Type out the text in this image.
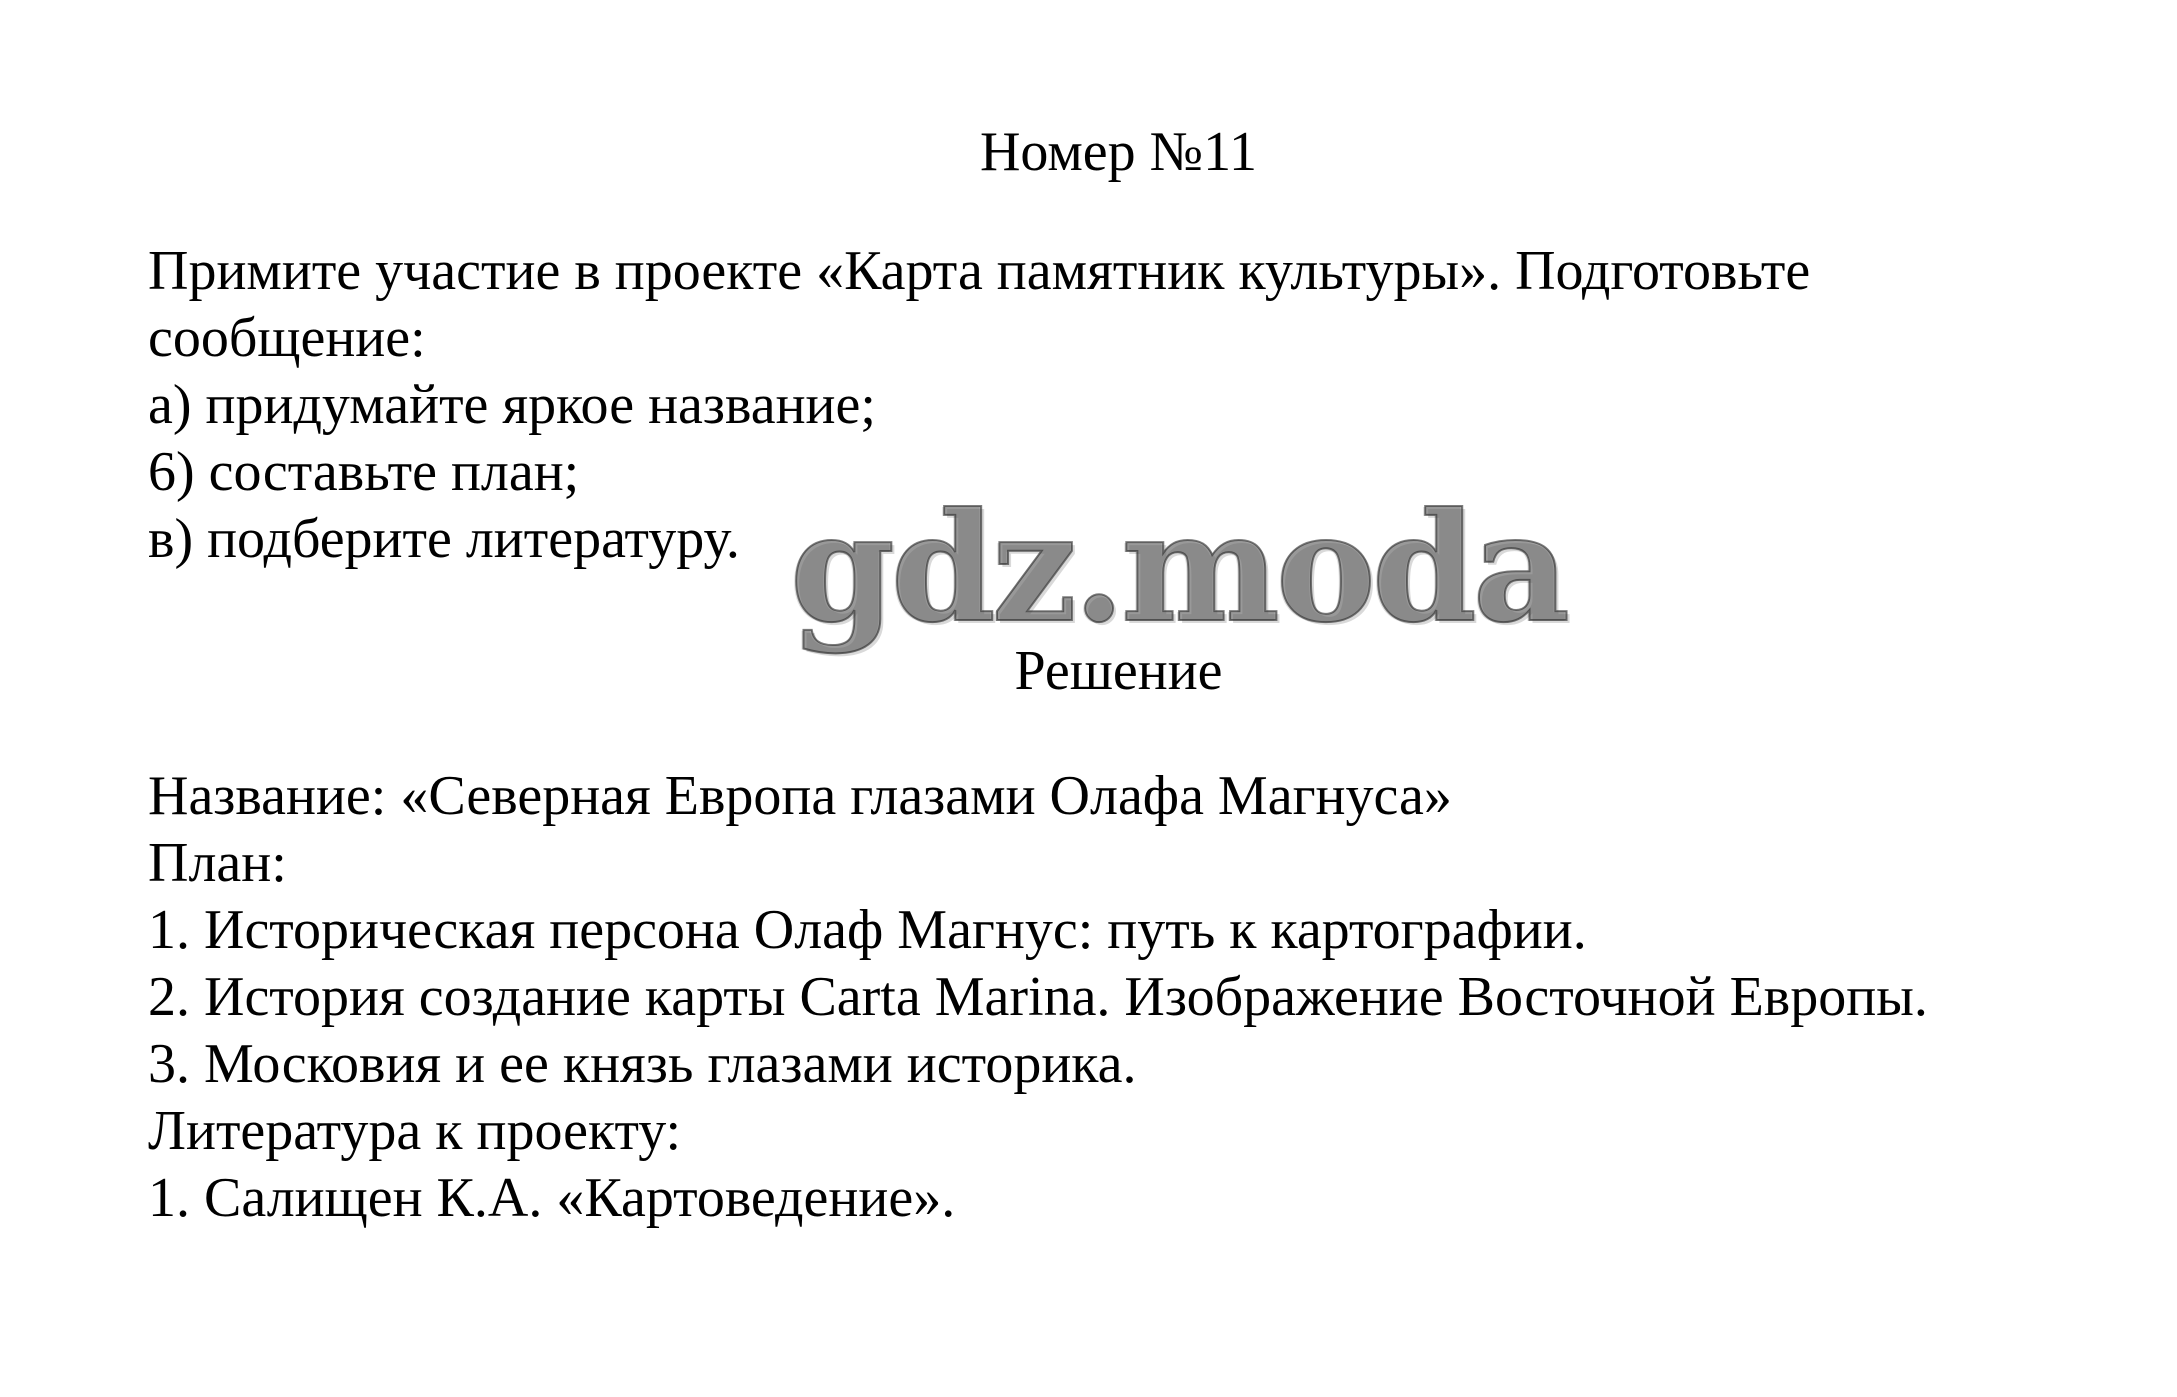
Номер №11
Примите участие в проекте «Карта памятник культуры». Подготовьте
сообщение:
а) придумайте яркое название;
6) составьте план;
в) подберите литературу. gdz.moda
Решение
Название: «Северная Европа глазами Олафа Магнуса»
План:
1. Историческая персона Олаф Магнус: путь к картографии.
2. История создание карты Carta Marina. Изображение Восточной Европы.
3. Московия и ее князь глазами историка.
Литература к проекту:
1. Салищен К.А. «Картоведение».
